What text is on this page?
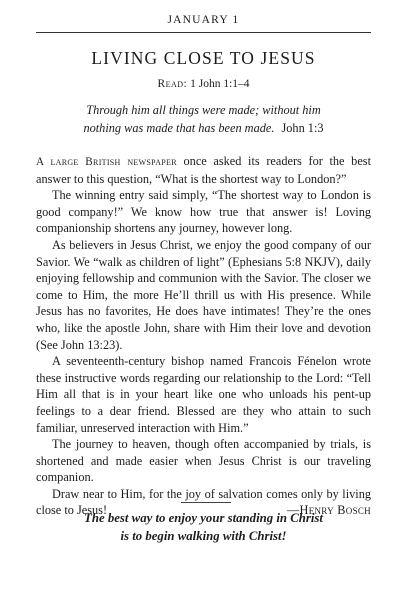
JANUARY 1
LIVING CLOSE TO JESUS
Read: 1 John 1:1–4
Through him all things were made; without him
nothing was made that has been made. John 1:3

A large British newspaper once asked its readers for the best answer to this question, “What is the shortest way to London?”

The winning entry said simply, “The shortest way to London is good company!” We know how true that answer is! Loving companionship shortens any journey, however long.

As believers in Jesus Christ, we enjoy the good company of our Savior. We “walk as children of light” (Ephesians 5:8 NKJV), daily enjoying fellowship and communion with the Savior. The closer we come to Him, the more He’ll thrill us with His presence. While Jesus has no favorites, He does have intimates! They’re the ones who, like the apostle John, share with Him their love and devotion (See John 13:23).

A seventeenth-century bishop named Francois Fénelon wrote these instructive words regarding our relationship to the Lord: “Tell Him all that is in your heart like one who unloads his pent-up feelings to a dear friend. Blessed are they who attain to such familiar, unreserved interaction with Him.”

The journey to heaven, though often accompanied by trials, is shortened and made easier when Jesus Christ is our traveling companion.

Draw near to Him, for the joy of salvation comes only by living close to Jesus!	—Henry Bosch

The best way to enjoy your standing in Christ
is to begin walking with Christ!
